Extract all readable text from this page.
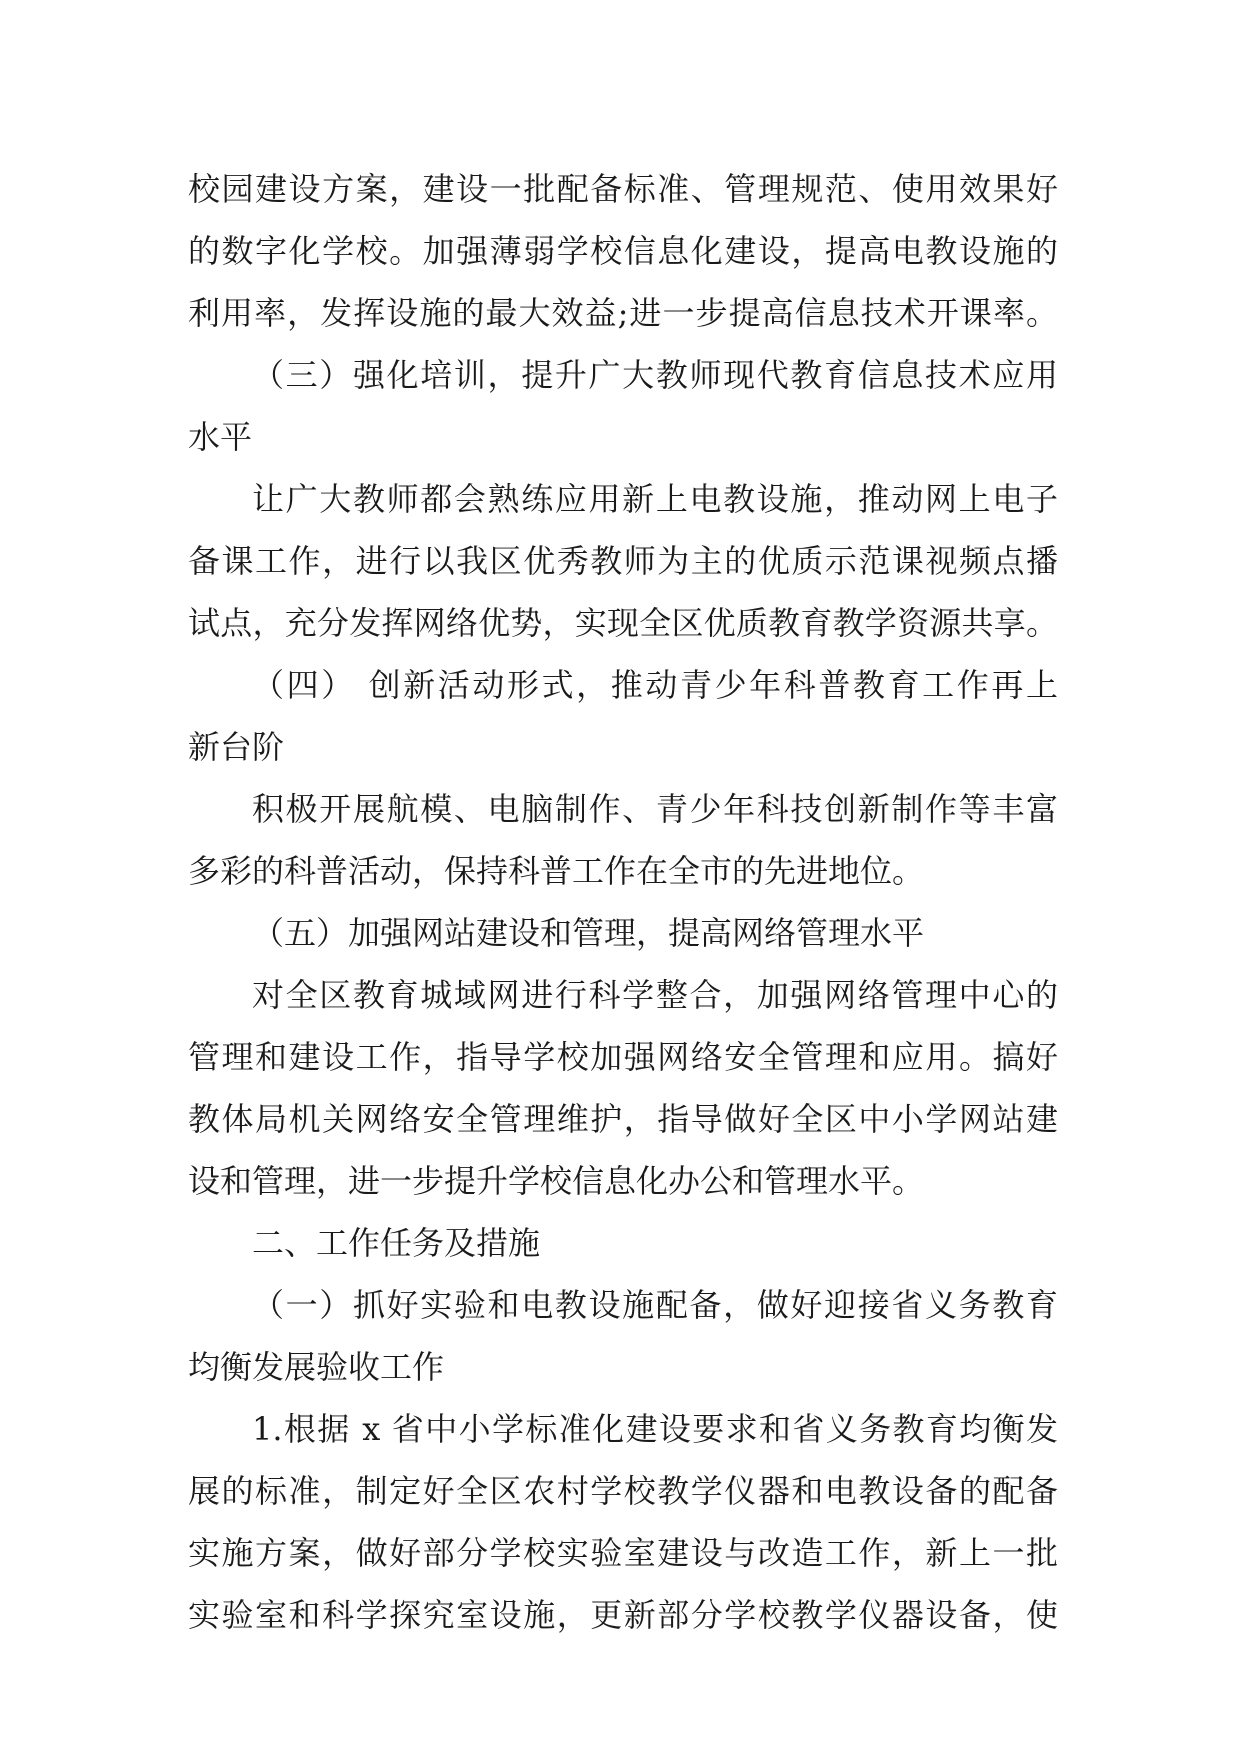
校园建设方案，建设一批配备标准、管理规范、使用效果好
的数字化学校。加强薄弱学校信息化建设，提高电教设施的
利用率，发挥设施的最大效益;进一步提高信息技术开课率。
（三）强化培训，提升广大教师现代教育信息技术应用
水平
让广大教师都会熟练应用新上电教设施，推动网上电子
备课工作，进行以我区优秀教师为主的优质示范课视频点播
试点，充分发挥网络优势，实现全区优质教育教学资源共享。
（四） 创新活动形式，推动青少年科普教育工作再上
新台阶
积极开展航模、电脑制作、青少年科技创新制作等丰富
多彩的科普活动，保持科普工作在全市的先进地位。
（五）加强网站建设和管理，提高网络管理水平
对全区教育城域网进行科学整合，加强网络管理中心的
管理和建设工作，指导学校加强网络安全管理和应用。搞好
教体局机关网络安全管理维护，指导做好全区中小学网站建
设和管理，进一步提升学校信息化办公和管理水平。
二、工作任务及措施
（一）抓好实验和电教设施配备，做好迎接省义务教育
均衡发展验收工作
1.根据 x 省中小学标准化建设要求和省义务教育均衡发
展的标准，制定好全区农村学校教学仪器和电教设备的配备
实施方案，做好部分学校实验室建设与改造工作，新上一批
实验室和科学探究室设施，更新部分学校教学仪器设备，使
